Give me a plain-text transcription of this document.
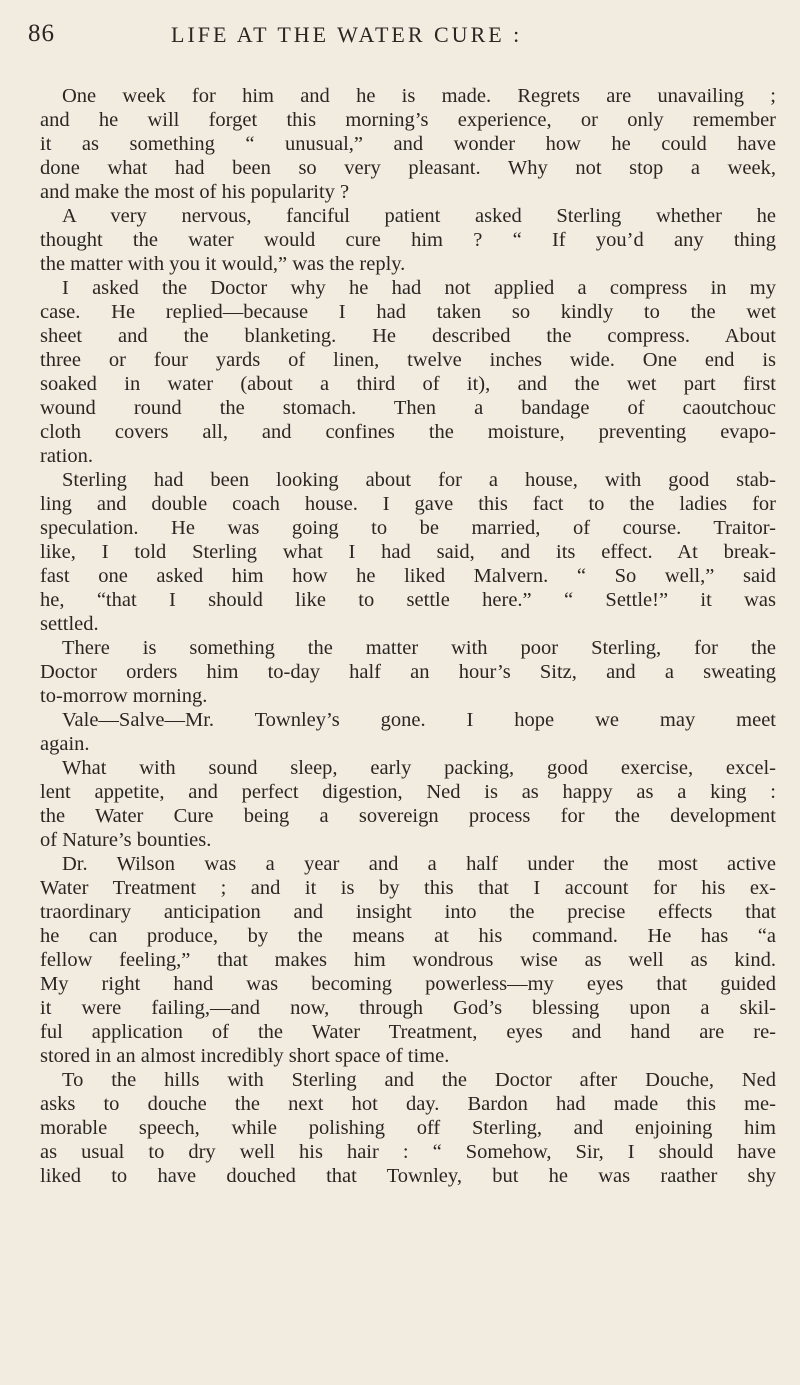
86	LIFE AT THE WATER CURE :
One week for him and he is made. Regrets are unavailing ;
and he will forget this morning’s experience, or only remember
it as something “ unusual,” and wonder how he could have
done what had been so very pleasant. Why not stop a week,
and make the most of his popularity ?
A very nervous, fanciful patient asked Sterling whether he
thought the water would cure him ? “ If you’d any thing
the matter with you it would,” was the reply.
I asked the Doctor why he had not applied a compress in my
case. He replied—because I had taken so kindly to the wet
sheet and the blanketing. He described the compress. About
three or four yards of linen, twelve inches wide. One end is
soaked in water (about a third of it), and the wet part first
wound round the stomach. Then a bandage of caoutchouc
cloth covers all, and confines the moisture, preventing evapo-
ration.
Sterling had been looking about for a house, with good stab-
ling and double coach house. I gave this fact to the ladies for
speculation. He was going to be married, of course. Traitor-
like, I told Sterling what I had said, and its effect. At break-
fast one asked him how he liked Malvern. “ So well,” said
he, “that I should like to settle here.” “ Settle!” it was
settled.
There is something the matter with poor Sterling, for the
Doctor orders him to-day half an hour’s Sitz, and a sweating
to-morrow morning.
Vale—Salve—Mr. Townley’s gone. I hope we may meet
again.
What with sound sleep, early packing, good exercise, excel-
lent appetite, and perfect digestion, Ned is as happy as a king :
the Water Cure being a sovereign process for the development
of Nature’s bounties.
Dr. Wilson was a year and a half under the most active
Water Treatment ; and it is by this that I account for his ex-
traordinary anticipation and insight into the precise effects that
he can produce, by the means at his command. He has “a
fellow feeling,” that makes him wondrous wise as well as kind.
My right hand was becoming powerless—my eyes that guided
it were failing,—and now, through God’s blessing upon a skil-
ful application of the Water Treatment, eyes and hand are re-
stored in an almost incredibly short space of time.
To the hills with Sterling and the Doctor after Douche, Ned
asks to douche the next hot day. Bardon had made this me-
morable speech, while polishing off Sterling, and enjoining him
as usual to dry well his hair : “ Somehow, Sir, I should have
liked to have douched that Townley, but he was raather shy
